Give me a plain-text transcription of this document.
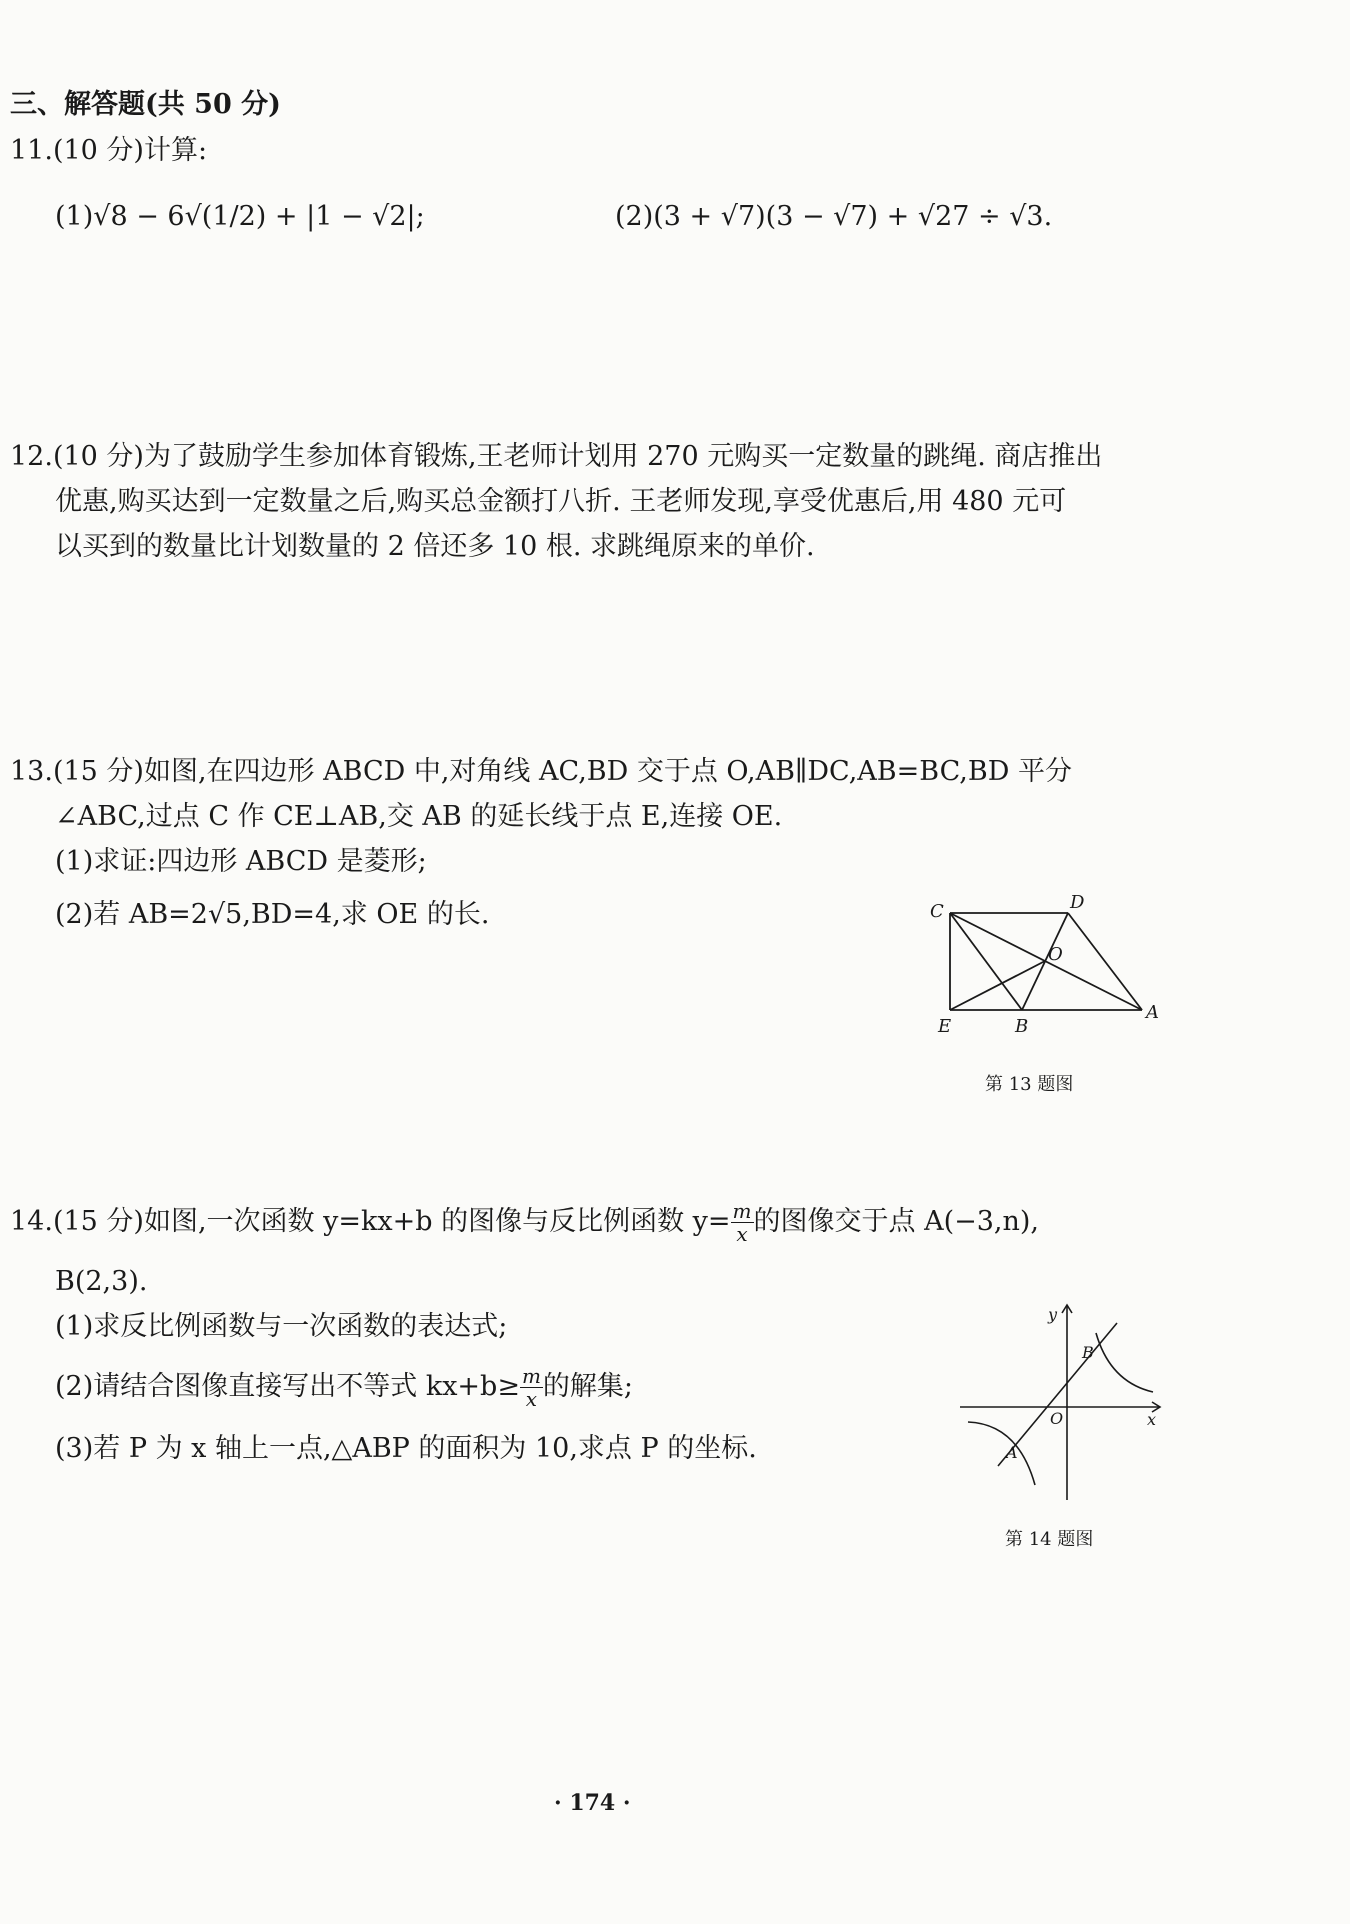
三、解答题(共 50 分)
11.(10 分)计算:
(1)√8 − 6√(1/2) + |1 − √2|;	(2)(3 + √7)(3 − √7) + √27 ÷ √3.
12.(10 分)为了鼓励学生参加体育锻炼,王老师计划用 270 元购买一定数量的跳绳. 商店推出
优惠,购买达到一定数量之后,购买总金额打八折. 王老师发现,享受优惠后,用 480 元可
以买到的数量比计划数量的 2 倍还多 10 根. 求跳绳原来的单价.
13.(15 分)如图,在四边形 ABCD 中,对角线 AC,BD 交于点 O,AB∥DC,AB=BC,BD 平分
∠ABC,过点 C 作 CE⊥AB,交 AB 的延长线于点 E,连接 OE.
(1)求证:四边形 ABCD 是菱形;
(2)若 AB=2√5,BD=4,求 OE 的长.	C	D
O
A
E	B
第 13 题图
14.(15 分)如图,一次函数 y=kx+b 的图像与反比例函数 $y= \frac{m}{x}$ 的图像交于点 A(−3,n),
B(2,3).
(1)求反比例函数与一次函数的表达式;
(2)请结合图像直接写出不等式 $kx+b\ge \frac{m}{x}$ 的解集;
(3)若 P 为 x 轴上一点,△ABP 的面积为 10,求点 P 的坐标.
y
x
O
A
B
第 14 题图
· 174 ·
